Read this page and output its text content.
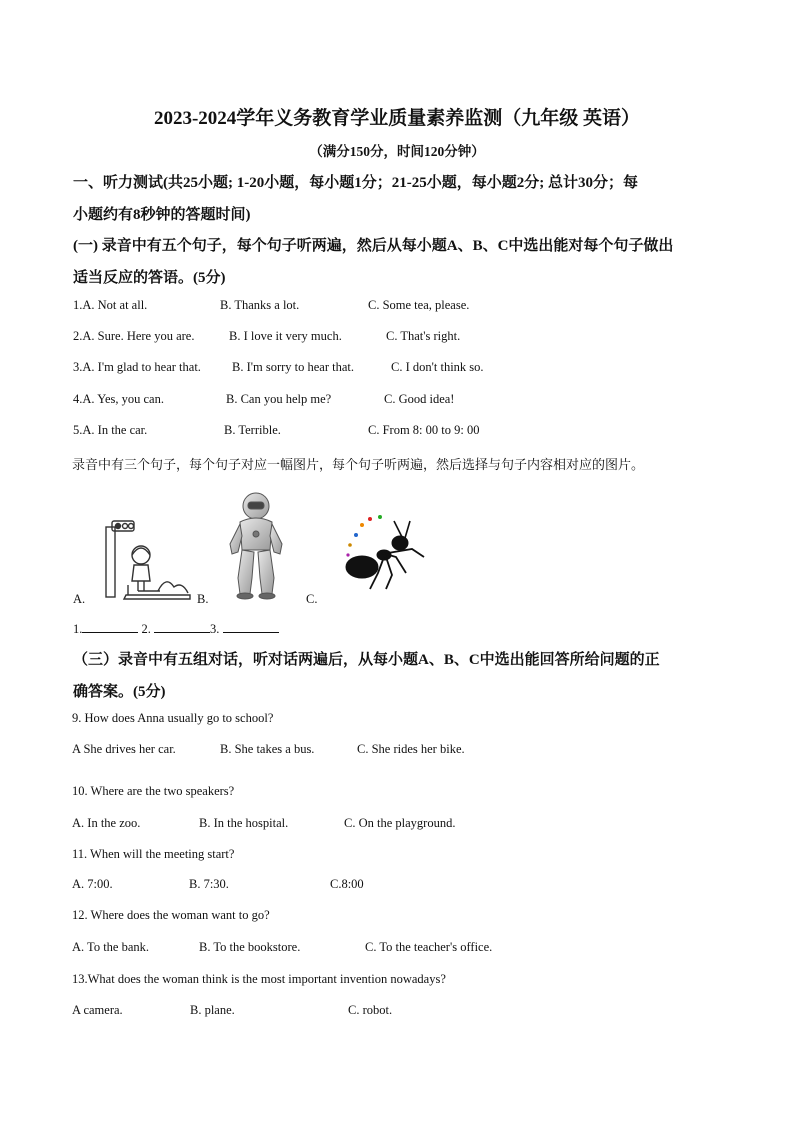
2023-2024学年义务教育学业质量素养监测（九年级 英语）
（满分150分，时间120分钟）
一、听力测试(共25小题; 1-20小题，每小题1分；21-25小题，每小题2分; 总计30分；每
小题约有8秒钟的答题时间)
(一) 录音中有五个句子，每个句子听两遍，然后从每小题A、B、C中选出能对每个句子做出
适当反应的答语。(5分)
1.A. Not at all.	B. Thanks a lot.	C. Some tea, please.
2.A. Sure. Here you are.	B. I love it very much.	C. That's right.
3.A. I'm glad to hear that. B. I'm sorry to hear that.	C. I don't think so.
4.A. Yes, you can.	B. Can you help me?	C. Good idea!
5.A. In the car.	B. Terrible.	C. From 8: 00 to 9: 00
录音中有三个句子，每个句子对应一幅图片，每个句子听两遍，然后选择与句子内容相对应的图片。
A.	B.	C.
1.	2.	3.
（三）录音中有五组对话，听对话两遍后，从每小题A、B、C中选出能回答所给问题的正
确答案。(5分)
9. How does Anna usually go to school?
A She drives her car.	B. She takes a bus.	C. She rides her bike.
10. Where are the two speakers?
A. In the zoo.	B. In the hospital.	C. On the playground.
11. When will the meeting start?
A. 7:00.	B. 7:30.	C.8:00
12. Where does the woman want to go?
A. To the bank.	B. To the bookstore.	C. To the teacher's office.
13.What does the woman think is the most important invention nowadays?
A camera.	B. plane.	C. robot.
